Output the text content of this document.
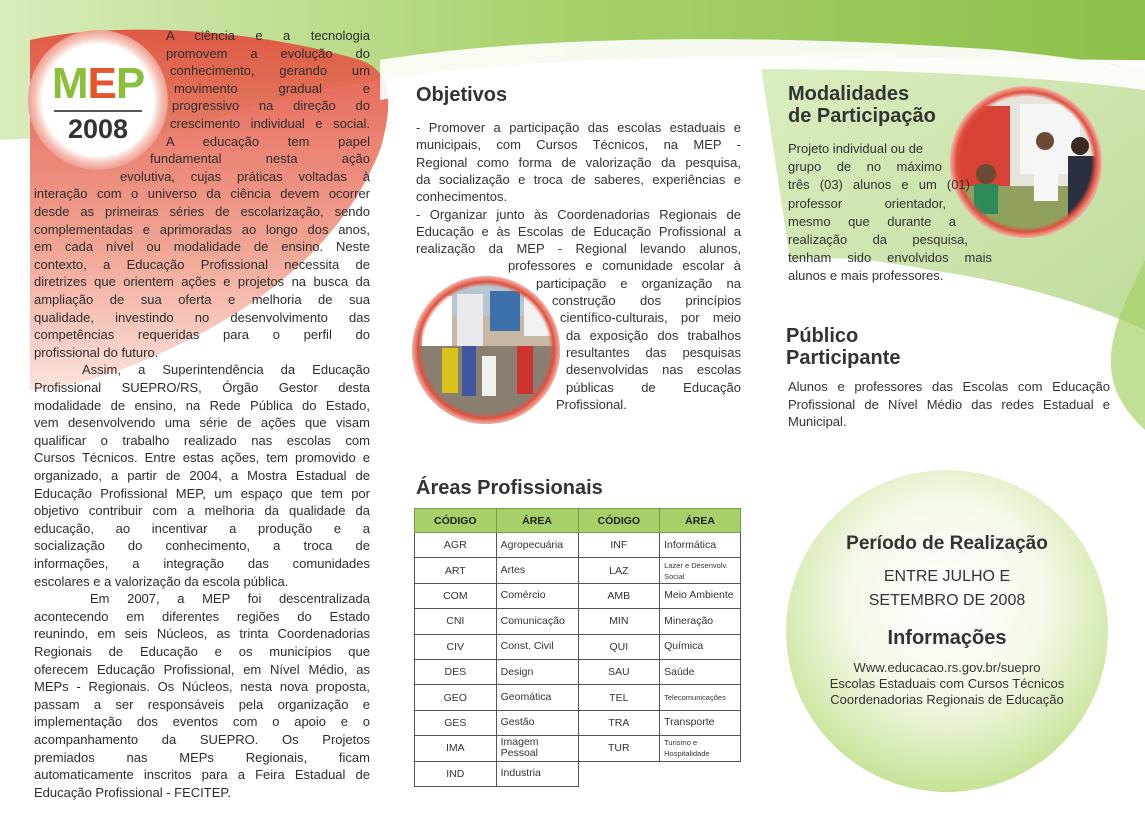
MEP
2008

A ciência e a tecnologia

promovem a evolução do

conhecimento, gerando um

movimento gradual e

progressivo na direção do

crescimento individual e social.

A educação tem papel

fundamental nesta ação

evolutiva, cujas práticas voltadas à

interação com o universo da ciência devem ocorrer

desde as primeiras séries de escolarização, sendo

complementadas e aprimoradas ao longo dos anos,

em cada nível ou modalidade de ensino. Neste

contexto, a Educação Profissional necessita de

diretrizes que orientem ações e projetos na busca da

ampliação de sua oferta e melhoria de sua

qualidade, investindo no desenvolvimento das

competências requeridas para o perfil do

profissional do futuro.

Assim, a Superintendência da Educação

Profissional SUEPRO/RS, Órgão Gestor desta

modalidade de ensino, na Rede Pública do Estado,

vem desenvolvendo uma série de ações que visam

qualificar o trabalho realizado nas escolas com

Cursos Técnicos. Entre estas ações, tem promovido e

organizado, a partir de 2004, a Mostra Estadual de

Educação Profissional MEP, um espaço que tem por

objetivo contribuir com a melhoria da qualidade da

educação, ao incentivar a produção e a

socialização do conhecimento, a troca de

informações, a integração das comunidades

escolares e a valorização da escola pública.

Em 2007, a MEP foi descentralizada

acontecendo em diferentes regiões do Estado

reunindo, em seis Núcleos, as trinta Coordenadorias

Regionais de Educação e os municípios que

oferecem Educação Profissional, em Nível Médio, as

MEPs - Regionais. Os Núcleos, nesta nova proposta,

passam a ser responsáveis pela organização e

implementação dos eventos com o apoio e o

acompanhamento da SUEPRO. Os Projetos

premiados nas MEPs Regionais, ficam

automaticamente inscritos para a Feira Estadual de

Educação Profissional - FECITEP.

Objetivos

- Promover a participação das escolas estaduais e

municipais, com Cursos Técnicos, na MEP -

Regional como forma de valorização da pesquisa,

da socialização e troca de saberes, experiências e

conhecimentos.

- Organizar junto às Coordenadorias Regionais de

Educação e às Escolas de Educação Profissional a

realização da MEP - Regional levando alunos,

professores e comunidade escolar à

participação e organização na

construção dos princípios

científico-culturais, por meio

da exposição dos trabalhos

resultantes das pesquisas

desenvolvidas nas escolas

públicas de Educação

Profissional.

Áreas Profissionais
CÓDIGO	ÁREA	CÓDIGO	ÁREA
AGR	Agropecuária	INF	Informática
ART	Artes	LAZ	Lazer e Desenvolv. Social
COM	Comércio	AMB	Meio Ambiente
CNI	Comunicação	MIN	Mineração
CIV	Const. Civil	QUI	Química
DES	Design	SAU	Saúde
GEO	Geomática	TEL	Telecomunicações
GES	Gestão	TRA	Transporte
IMA	Imagem Pessoal	TUR	Turismo e Hospitalidade
IND	Industria		
Modalidades
de Participação

Projeto individual ou de

grupo de no máximo

três (03) alunos e um (01)

professor orientador,

mesmo que durante a

realização da pesquisa,

tenham sido envolvidos mais

alunos e mais professores.

Público
Participante

Alunos e professores das Escolas com Educação

Profissional de Nível Médio das redes Estadual e

Municipal.

Período de Realização
ENTRE JULHO E
SETEMBRO DE 2008
Informações
Www.educacao.rs.gov.br/suepro
Escolas Estaduais com Cursos Técnicos
Coordenadorias Regionais de Educação
